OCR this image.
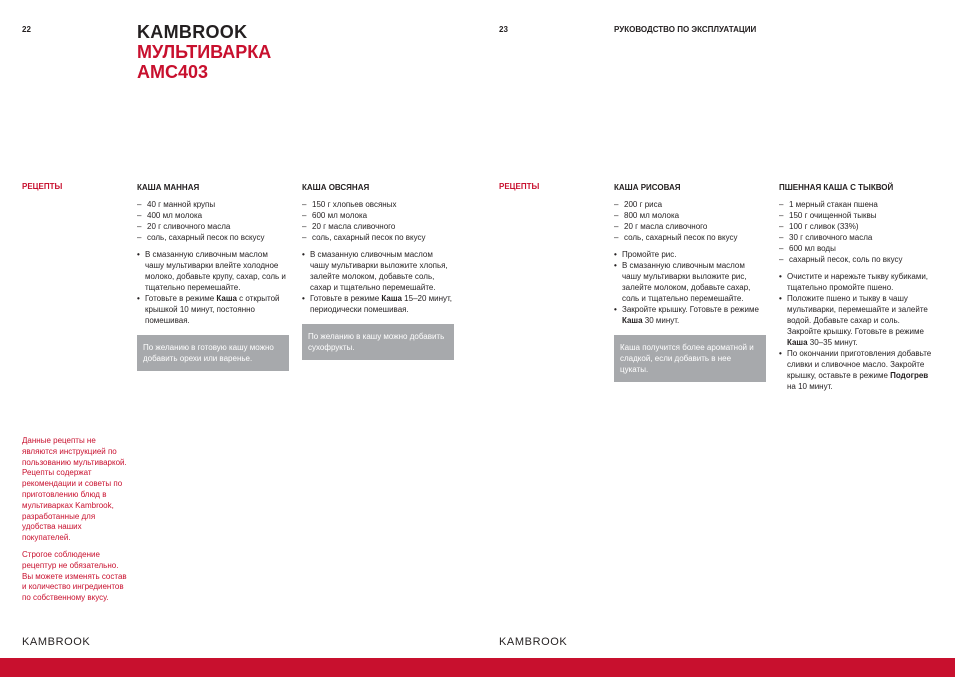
22	KAMBROOK
МУЛЬТИВАРКА
AMC403
РЕЦЕПТЫ	КАША МАННАЯ
– 40 г манной крупы
– 400 мл молока
– 20 г сливочного масла
– соль, сахарный песок по вскусу
• В смазанную сливочным маслом чашу мультиварки влейте холодное молоко, добавьте крупу, сахар, соль и тщательно перемешайте.
• Готовьте в режиме Каша с открытой крышкой 10 минут, постоянно помешивая.
По желанию в готовую кашу можно добавить орехи или варенье.
КАША ОВСЯНАЯ
– 150 г хлопьев овсяных
– 600 мл молока
– 20 г масла сливочного
– соль, сахарный песок по вкусу
• В смазанную сливочным маслом чашу мультиварки выложите хлопья, залейте молоком, добавьте соль, сахар и тщательно перемешайте.
• Готовьте в режиме Каша 15–20 минут, периодически помешивая.
По желанию в кашу можно добавить сухофрукты.

Данные рецепты не являются инструкцией по пользованию мультиваркой. Рецепты содержат рекомендации и советы по приготовлению блюд в мультиварках Kambrook, разработанные для удобства наших покупателей.

Строгое соблюдение рецептур не обязательно. Вы можете изменять состав и количество ингредиентов по собственному вкусу.

KAMBROOK
23	РУКОВОДСТВО ПО ЭКСПЛУАТАЦИИ
РЕЦЕПТЫ	КАША РИСОВАЯ
– 200 г риса
– 800 мл молока
– 20 г масла сливочного
– соль, сахарный песок по вкусу
• Промойте рис.
• В смазанную сливочным маслом чашу мультиварки выложите рис, залейте молоком, добавьте сахар, соль и тщательно перемешайте.
• Закройте крышку. Готовьте в режиме Каша 30 минут.
Каша получится более ароматной и сладкой, если добавить в нее цукаты.
ПШЕННАЯ КАША С ТЫКВОЙ
– 1 мерный стакан пшена
– 150 г очищенной тыквы
– 100 г сливок (33%)
– 30 г сливочного масла
– 600 мл воды
– сахарный песок, соль по вкусу
• Очистите и нарежьте тыкву кубиками, тщательно промойте пшено.
• Положите пшено и тыкву в чашу мультиварки, перемешайте и залейте водой. Добавьте сахар и соль. Закройте крышку. Готовьте в режиме Каша 30–35 минут.
• По окончании приготовления добавьте сливки и сливочное масло. Закройте крышку, оставьте в режиме Подогрев на 10 минут.
KAMBROOK
